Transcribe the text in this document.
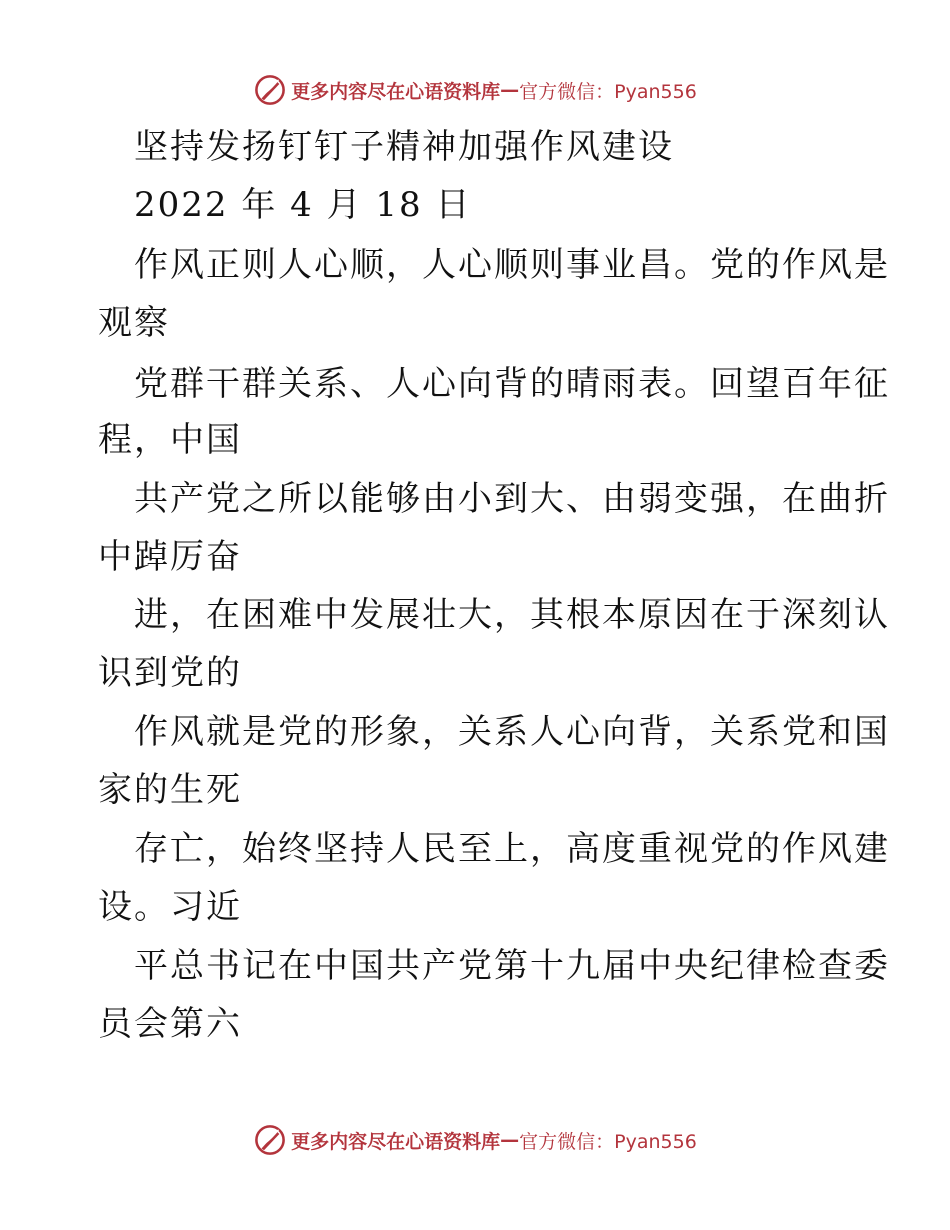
更多内容尽在心语资料库 — 官方微信：Pyan556
坚持发扬钉钉子精神加强作风建设
2022 年 4 月 18 日
作风正则人心顺，人心顺则事业昌。党的作风是
观察
党群干群关系、人心向背的晴雨表。回望百年征
程，中国
共产党之所以能够由小到大、由弱变强，在曲折
中踔厉奋
进，在困难中发展壮大，其根本原因在于深刻认
识到党的
作风就是党的形象，关系人心向背，关系党和国
家的生死
存亡，始终坚持人民至上，高度重视党的作风建
设。习近
平总书记在中国共产党第十九届中央纪律检查委
员会第六
更多内容尽在心语资料库 — 官方微信：Pyan556
